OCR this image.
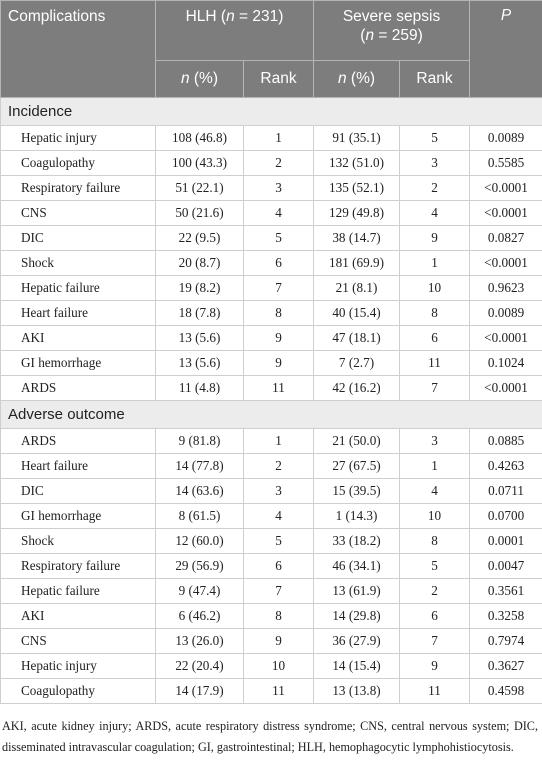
Complications	HLH (n = 231)		Severe sepsis
(n = 259)		P
	n (%)	Rank	n (%)	Rank	
Incidence					
Hepatic injury	108 (46.8)	1	91 (35.1)	5	0.0089
Coagulopathy	100 (43.3)	2	132 (51.0)	3	0.5585
Respiratory failure	51 (22.1)	3	135 (52.1)	2	<0.0001
CNS	50 (21.6)	4	129 (49.8)	4	<0.0001
DIC	22 (9.5)	5	38 (14.7)	9	0.0827
Shock	20 (8.7)	6	181 (69.9)	1	<0.0001
Hepatic failure	19 (8.2)	7	21 (8.1)	10	0.9623
Heart failure	18 (7.8)	8	40 (15.4)	8	0.0089
AKI	13 (5.6)	9	47 (18.1)	6	<0.0001
GI hemorrhage	13 (5.6)	9	7 (2.7)	11	0.1024
ARDS	11 (4.8)	11	42 (16.2)	7	<0.0001
Adverse outcome					
ARDS	9 (81.8)	1	21 (50.0)	3	0.0885
Heart failure	14 (77.8)	2	27 (67.5)	1	0.4263
DIC	14 (63.6)	3	15 (39.5)	4	0.0711
GI hemorrhage	8 (61.5)	4	1 (14.3)	10	0.0700
Shock	12 (60.0)	5	33 (18.2)	8	0.0001
Respiratory failure	29 (56.9)	6	46 (34.1)	5	0.0047
Hepatic failure	9 (47.4)	7	13 (61.9)	2	0.3561
AKI	6 (46.2)	8	14 (29.8)	6	0.3258
CNS	13 (26.0)	9	36 (27.9)	7	0.7974
Hepatic injury	22 (20.4)	10	14 (15.4)	9	0.3627
Coagulopathy	14 (17.9)	11	13 (13.8)	11	0.4598
AKI, acute kidney injury; ARDS, acute respiratory distress syndrome; CNS, central nervous system; DIC, disseminated intravascular coagulation; GI, gastrointestinal; HLH, hemophagocytic lymphohistiocytosis.
